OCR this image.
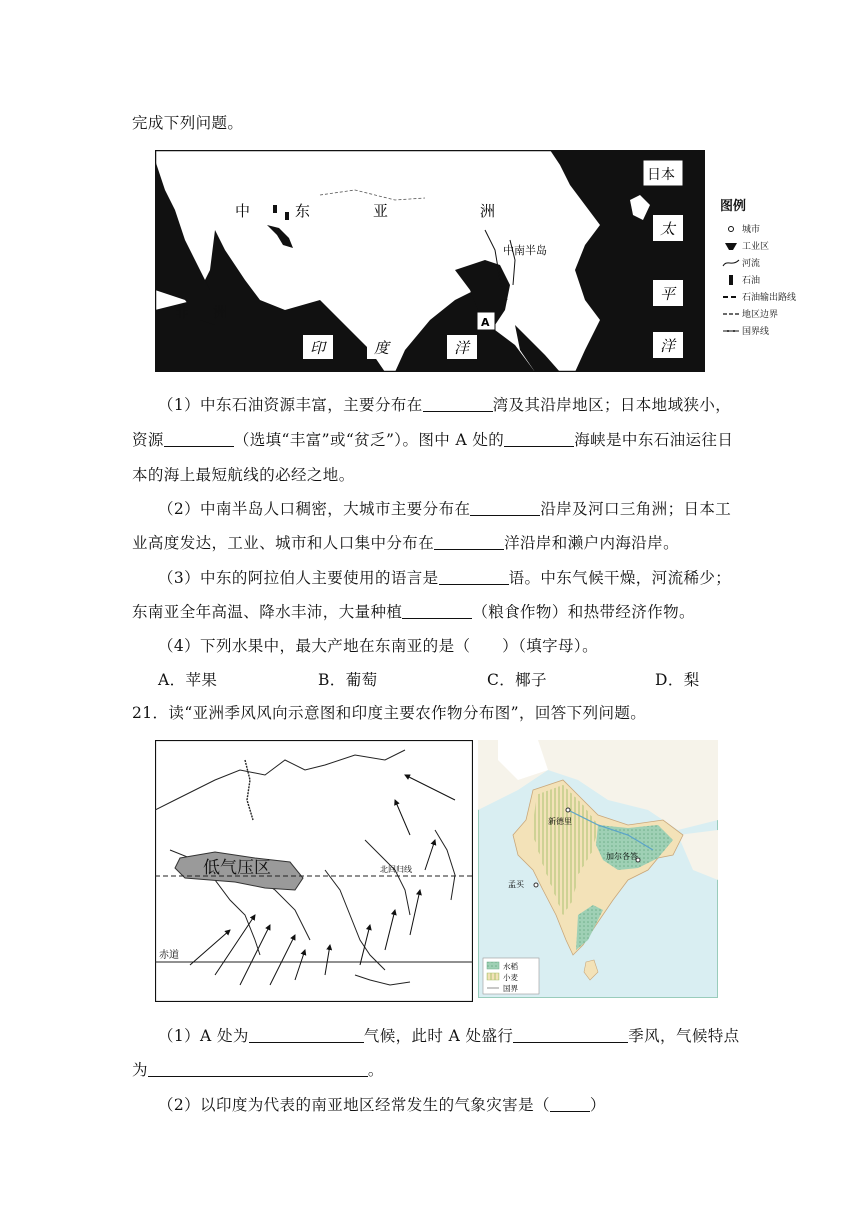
完成下列问题。
中	东	亚	洲
非 洲
波斯湾
中南半岛
日本
太
平
洋
印	度	洋
A
图例
城市
工业区
河流
石油
石油输出路线
地区边界
国界线
（1）中东石油资源丰富，主要分布在	湾及其沿岸地区；日本地域狭小，
资源	（选填“丰富”或“贫乏”）。图中 A 处的	海峡是中东石油运往日
本的海上最短航线的必经之地。
（2）中南半岛人口稠密，大城市主要分布在	沿岸及河口三角洲；日本工
业高度发达，工业、城市和人口集中分布在	洋沿岸和濑户内海沿岸。
（3）中东的阿拉伯人主要使用的语言是	语。中东气候干燥，河流稀少；
东南亚全年高温、降水丰沛，大量种植	（粮食作物）和热带经济作物。
（4）下列水果中，最大产地在东南亚的是（　　）（填字母）。
A．苹果	B．葡萄	C．椰子	D．梨
21．读“亚洲季风风向示意图和印度主要农作物分布图”，回答下列问题。
低气压区	北回归线
赤道
新德里
加尔各答
孟买
水稻
小麦
国界
（1）A 处为	气候，此时 A 处盛行	季风，气候特点
为	。
（2）以印度为代表的南亚地区经常发生的气象灾害是（	）
